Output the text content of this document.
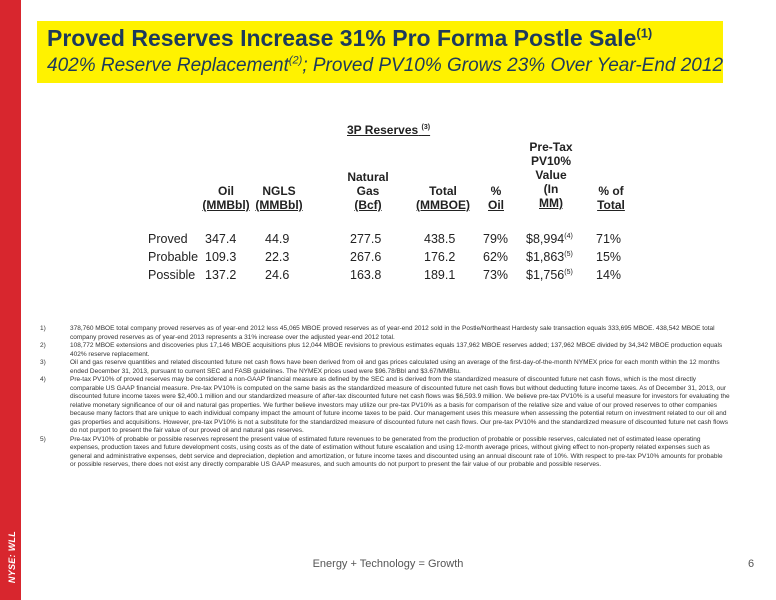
NYSE: WLL
Proved Reserves Increase 31% Pro Forma Postle Sale$^{(1)}$
402% Reserve Replacement$^{(2)}$; Proved PV10% Grows 23% Over Year-End 2012
3P Reserves $^{(3)}$
Oil
(MMBbl)
NGLS
(MMBbl)
Natural
Gas
(Bcf)
Total
(MMBOE)
%
Oil
Pre-Tax
PV10%
Value
(In
MM)
% of
Total
Proved 347.4 44.9	277.5	438.5 79% $8,994$^{(4)}$ 71%
Probable 109.3 22.3	267.6	176.2 62% $1,863$^{(5)}$ 15%
Possible 137.2 24.6	163.8	189.1 73% $1,756$^{(5)}$ 14%
1)	378,760 MBOE total company proved reserves as of year-end 2012 less 45,065 MBOE proved reserves as of year-end 2012 sold in the Postle/Northeast Hardesty sale transaction equals 333,695 MBOE. 438,542 MBOE total company proved reserves as of year-end 2013 represents a 31% increase over the adjusted year-end 2012 total.
2)	108,772 MBOE extensions and discoveries plus 17,146 MBOE acquisitions plus 12,044 MBOE revisions to previous estimates equals 137,962 MBOE reserves added; 137,962 MBOE divided by 34,342 MBOE production equals 402% reserve replacement.
3)	Oil and gas reserve quantities and related discounted future net cash flows have been derived from oil and gas prices calculated using an average of the first-day-of-the-month NYMEX price for each month within the 12 months ended December 31, 2013, pursuant to current SEC and FASB guidelines. The NYMEX prices used were $96.78/Bbl and $3.67/MMBtu.
4)	Pre-tax PV10% of proved reserves may be considered a non-GAAP financial measure as defined by the SEC and is derived from the standardized measure of discounted future net cash flows, which is the most directly comparable US GAAP financial measure. Pre-tax PV10% is computed on the same basis as the standardized measure of discounted future net cash flows but without deducting future income taxes. As of December 31, 2013, our discounted future income taxes were $2,400.1 million and our standardized measure of after-tax discounted future net cash flows was $6,593.9 million. We believe pre-tax PV10% is a useful measure for investors for evaluating the relative monetary significance of our oil and natural gas properties. We further believe investors may utilize our pre-tax PV10% as a basis for comparison of the relative size and value of our proved reserves to other companies because many factors that are unique to each individual company impact the amount of future income taxes to be paid. Our management uses this measure when assessing the potential return on investment related to our oil and gas properties and acquisitions. However, pre-tax PV10% is not a substitute for the standardized measure of discounted future net cash flows. Our pre-tax PV10% and the standardized measure of discounted future net cash flows do not purport to present the fair value of our proved oil and natural gas reserves.
5)	Pre-tax PV10% of probable or possible reserves represent the present value of estimated future revenues to be generated from the production of probable or possible reserves, calculated net of estimated lease operating expenses, production taxes and future development costs, using costs as of the date of estimation without future escalation and using 12-month average prices, without giving effect to non-property related expenses such as general and administrative expenses, debt service and depreciation, depletion and amortization, or future income taxes and discounted using an annual discount rate of 10%. With respect to pre-tax PV10% amounts for probable or possible reserves, there does not exist any directly comparable US GAAP measures, and such amounts do not purport to present the fair value of our probable and possible reserves.
Energy + Technology = Growth	6
